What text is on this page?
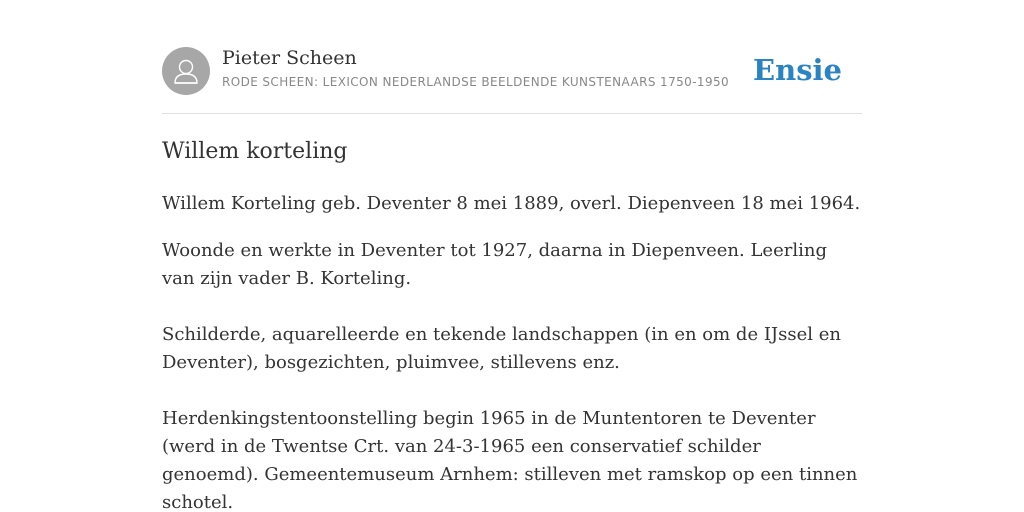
Pieter Scheen
RODE SCHEEN: LEXICON NEDERLANDSE BEELDENDE KUNSTENAARS 1750-1950 Ensie
Willem korteling

Willem Korteling geb. Deventer 8 mei 1889, overl. Diepenveen 18 mei 1964.

Woonde en werkte in Deventer tot 1927, daarna in Diepenveen. Leerling van zijn vader B. Korteling.

Schilderde, aquarelleerde en tekende landschappen (in en om de IJssel en Deventer), bosgezichten, pluimvee, stillevens enz.

Herdenkingstentoonstelling begin 1965 in de Muntentoren te Deventer (werd in de Twentse Crt. van 24-3-1965 een conservatief schilder genoemd). Gemeentemuseum Arnhem: stilleven met ramskop op een tinnen schotel.
